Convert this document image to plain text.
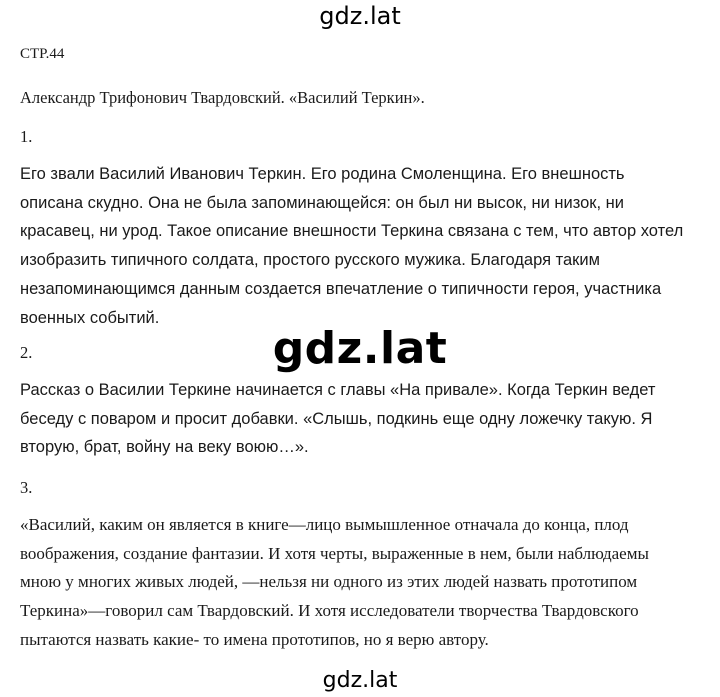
gdz.lat
СТР.44
Александр Трифонович Твардовский. «Василий Теркин».
1.
Его звали Василий Иванович Теркин. Его родина Смоленщина. Его внешность
описана скудно. Она не была запоминающейся: он был ни высок, ни низок, ни
красавец, ни урод. Такое описание внешности Теркина связана с тем, что автор хотел
изобразить типичного солдата, простого русского мужика. Благодаря таким
незапоминающимся данным создается впечатление о типичности героя, участника
военных событий.
2.	gdz.lat
Рассказ о Василии Теркине начинается с главы «На привале». Когда Теркин ведет
беседу с поваром и просит добавки. «Слышь, подкинь еще одну ложечку такую. Я
вторую, брат, войну на веку воюю…».
3.
«Василий, каким он является в книге—лицо вымышленное отначала до конца, плод
воображения, создание фантазии. И хотя черты, выраженные в нем, были наблюдаемы
мною у многих живых людей, —нельзя ни одного из этих людей назвать прототипом
Теркина»—говорил сам Твардовский. И хотя исследователи творчества Твардовского
пытаются назвать какие- то имена прототипов, но я верю автору.
gdz.lat
